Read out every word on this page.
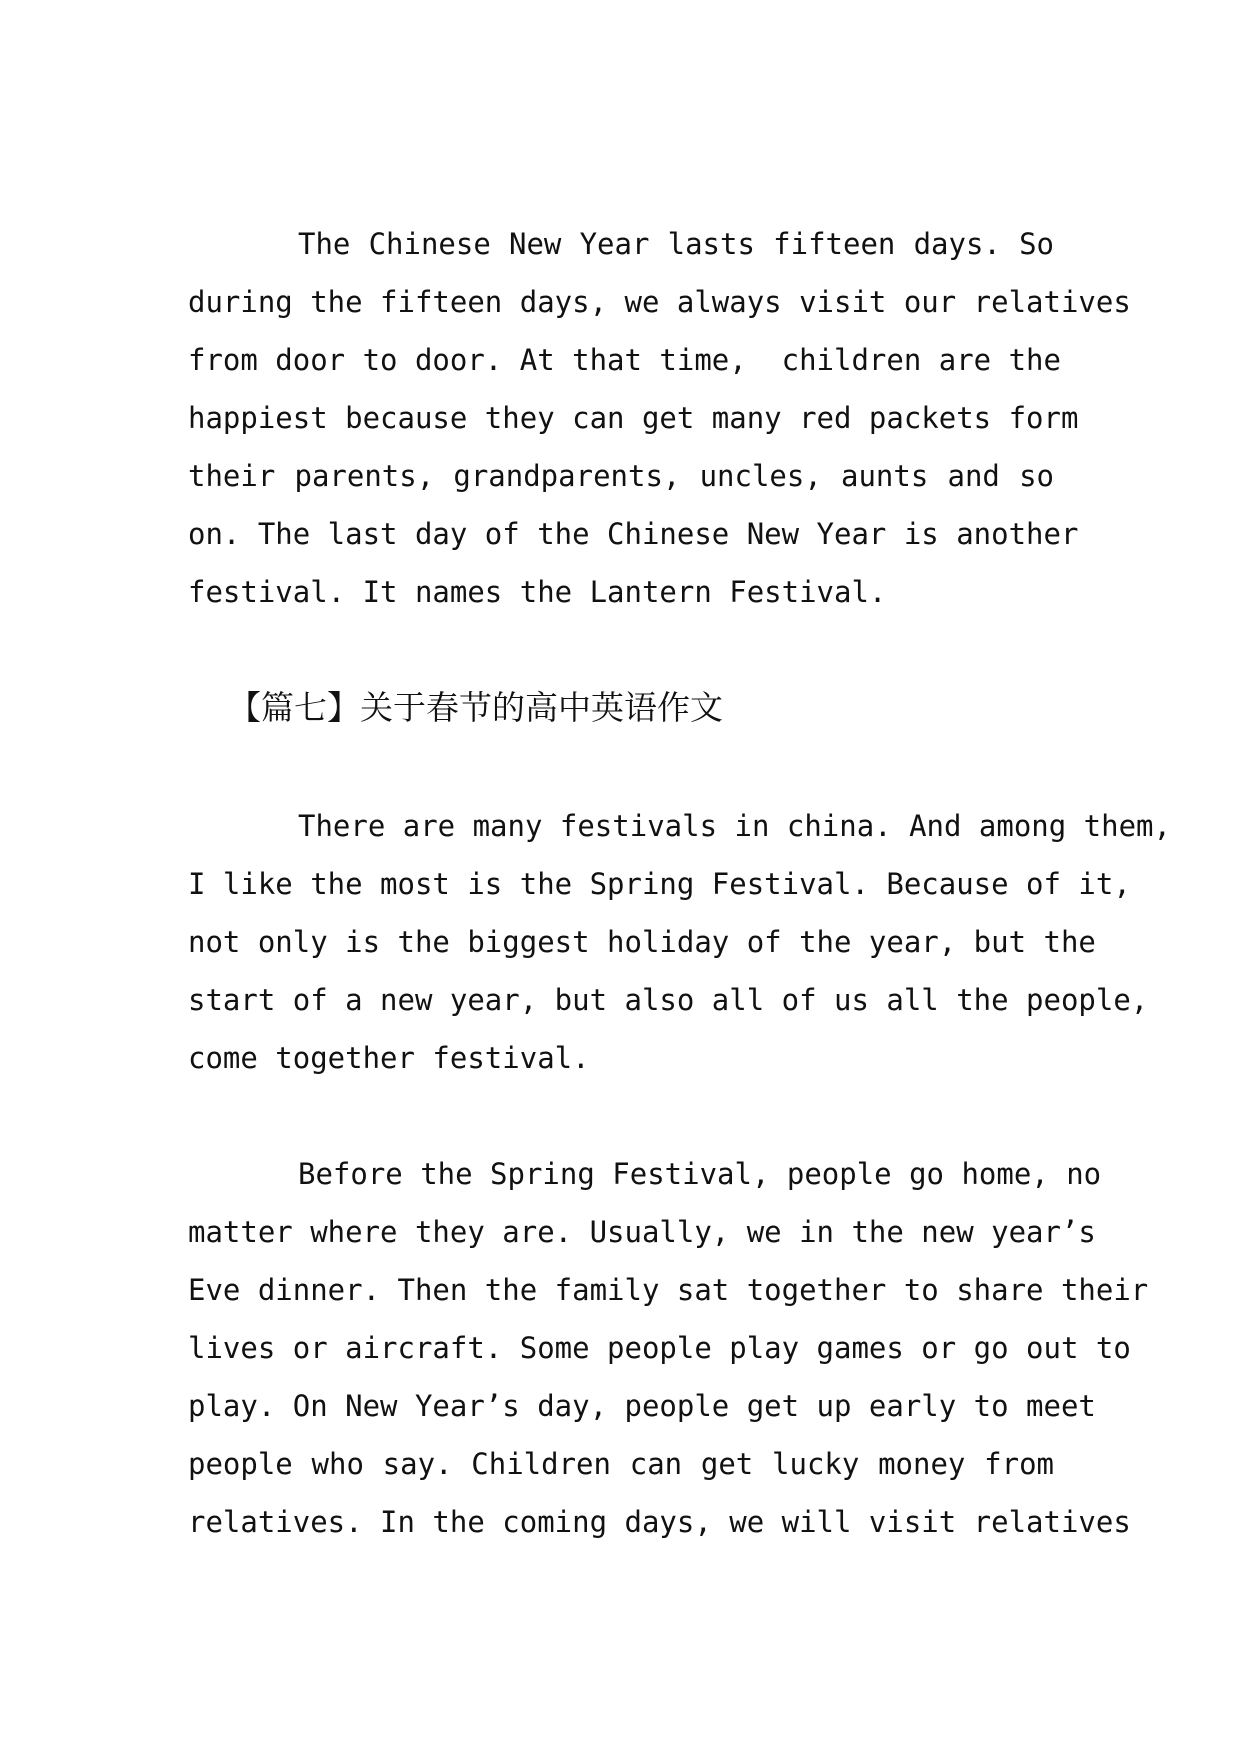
The Chinese New Year lasts fifteen days. So
during the fifteen days, we always visit our relatives
from door to door. At that time,  children are the
happiest because they can get many red packets form
their parents, grandparents, uncles, aunts and so
on. The last day of the Chinese New Year is another
festival. It names the Lantern Festival.
【篇七】关于春节的高中英语作文
There are many festivals in china. And among them,
I like the most is the Spring Festival. Because of it,
not only is the biggest holiday of the year, but the
start of a new year, but also all of us all the people,
come together festival.
Before the Spring Festival, people go home, no
matter where they are. Usually, we in the new year’s
Eve dinner. Then the family sat together to share their
lives or aircraft. Some people play games or go out to
play. On New Year’s day, people get up early to meet
people who say. Children can get lucky money from
relatives. In the coming days, we will visit relatives
